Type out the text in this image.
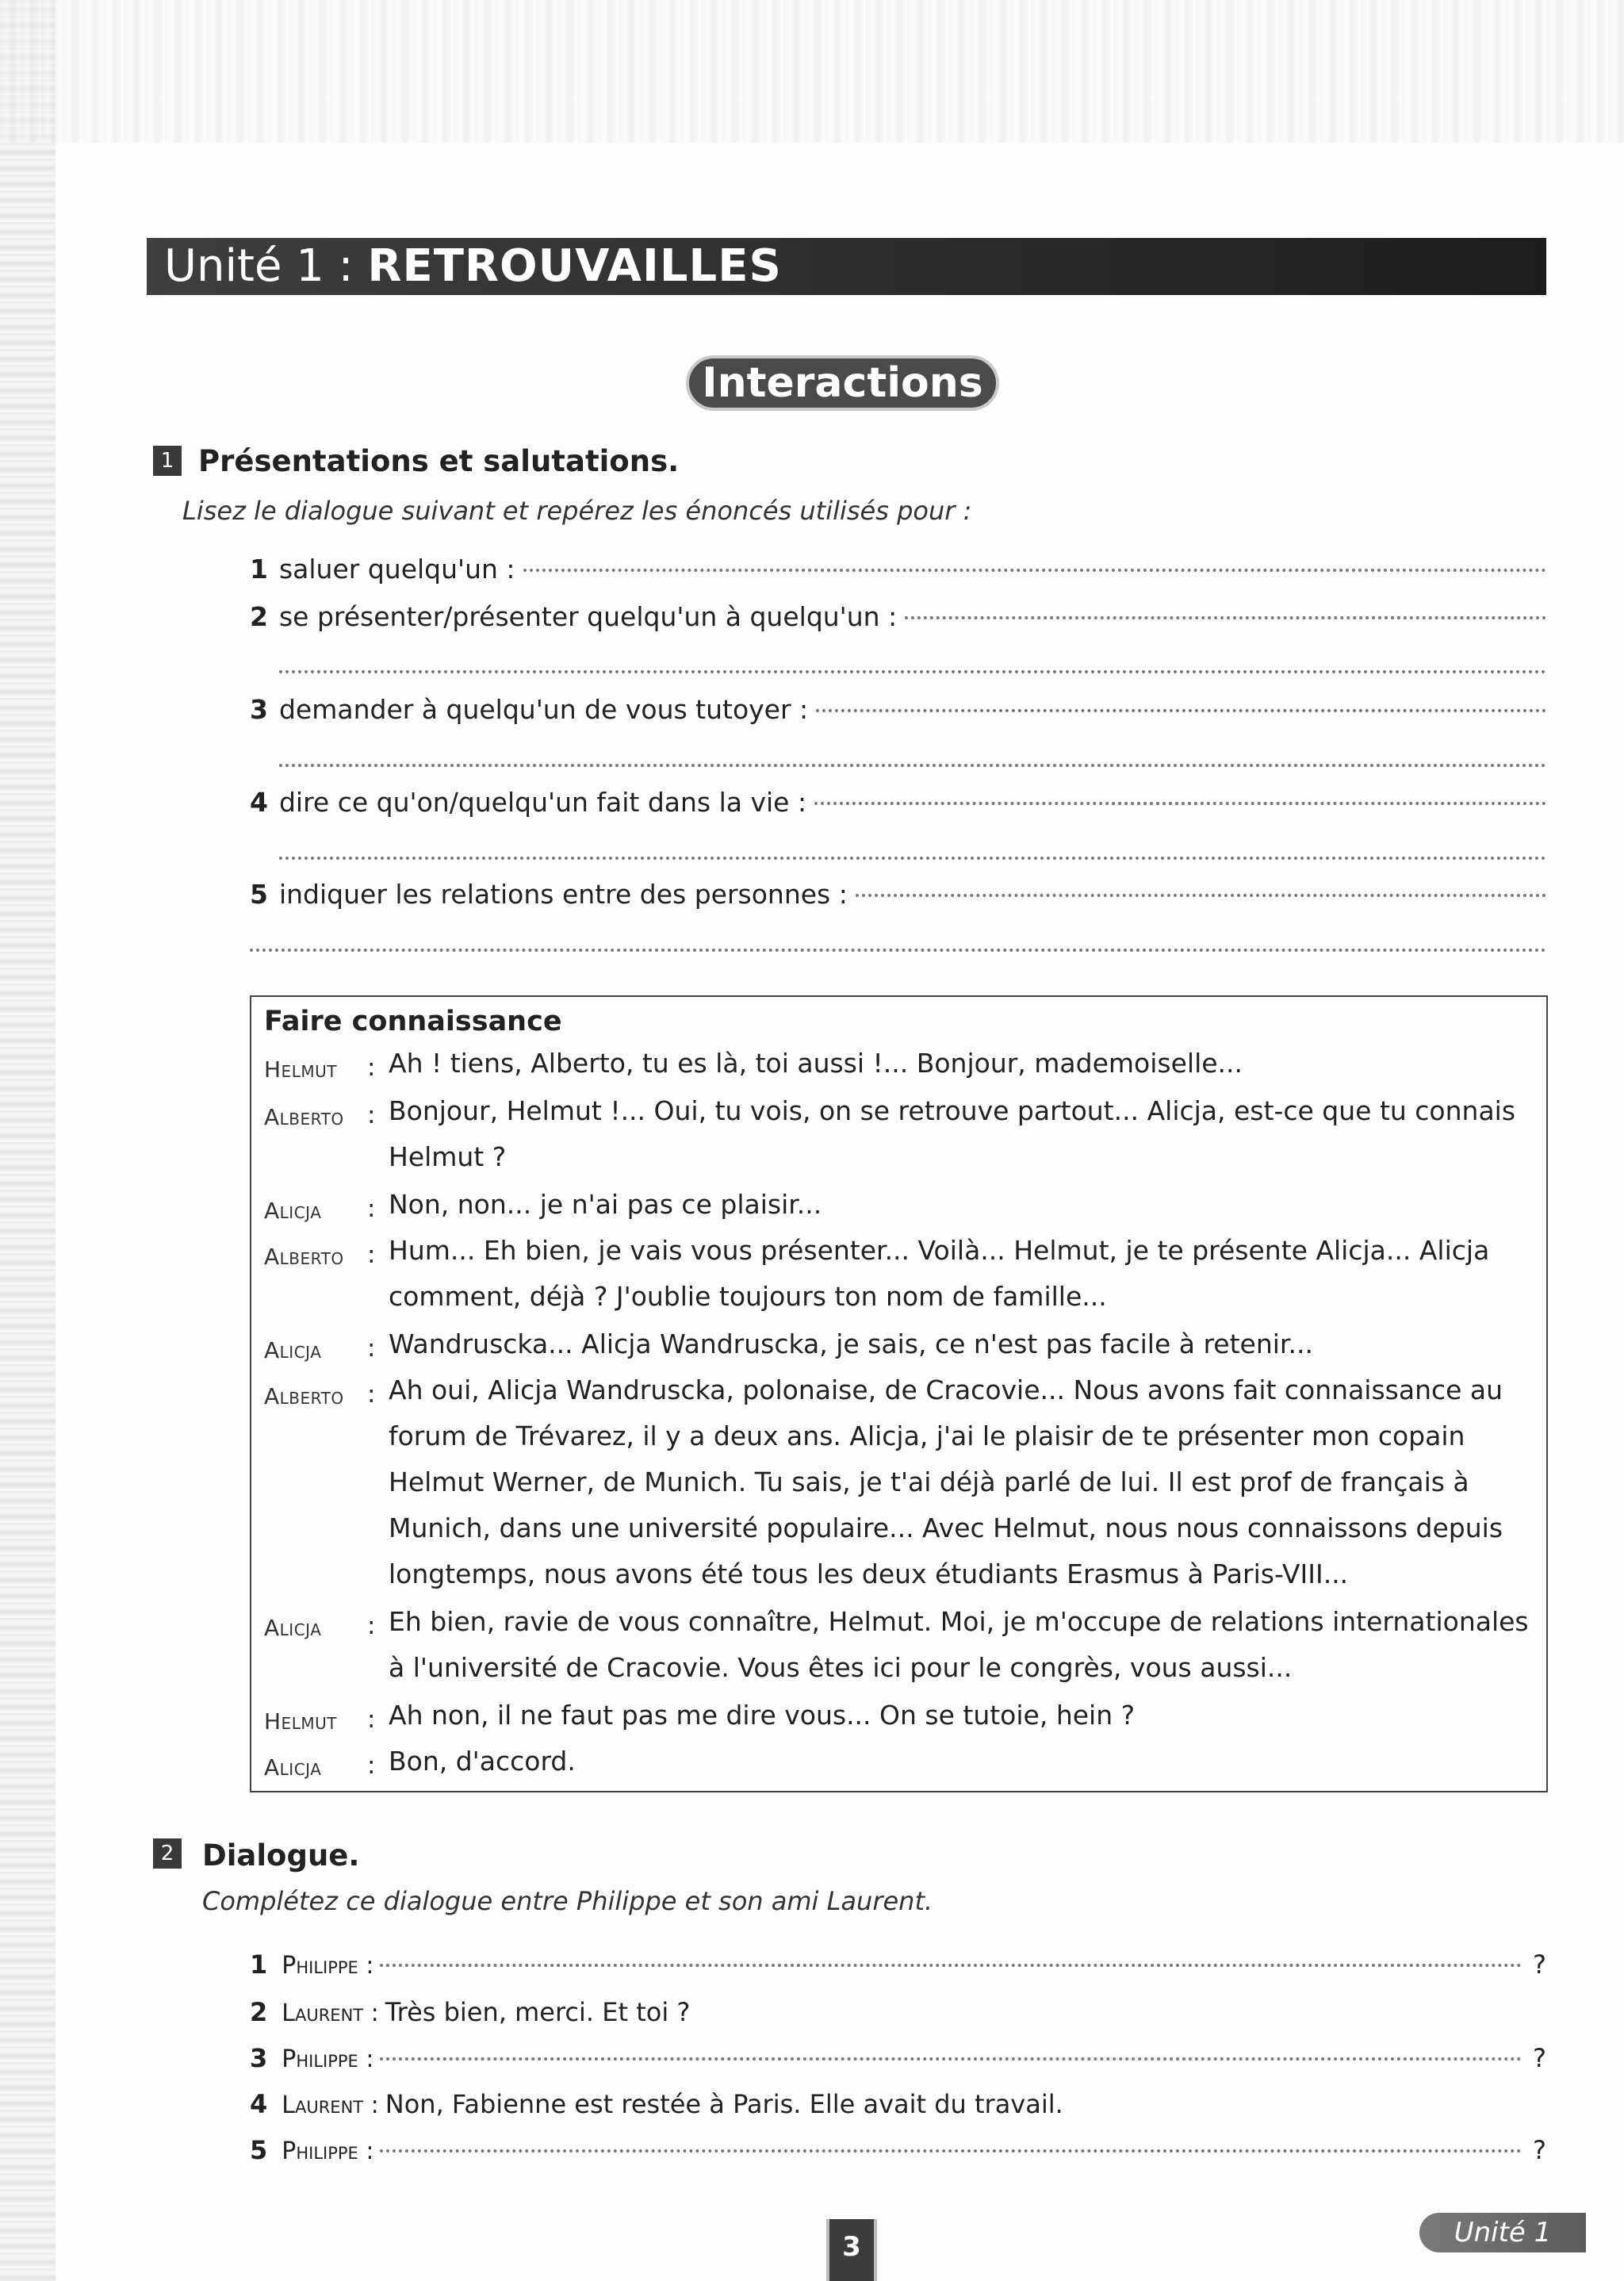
Unité 1 : RETROUVAILLES
Interactions
1 Présentations et salutations.
Lisez le dialogue suivant et repérez les énoncés utilisés pour :
1 saluer quelqu'un :
2 se présenter/présenter quelqu'un à quelqu'un :
3 demander à quelqu'un de vous tutoyer :
4 dire ce qu'on/quelqu'un fait dans la vie :
5 indiquer les relations entre des personnes :
Faire connaissance
Helmut : Ah ! tiens, Alberto, tu es là, toi aussi !... Bonjour, mademoiselle...
Alberto : Bonjour, Helmut !... Oui, tu vois, on se retrouve partout... Alicja, est-ce que tu connais Helmut ?
Alicja : Non, non... je n'ai pas ce plaisir...
Alberto : Hum... Eh bien, je vais vous présenter... Voilà... Helmut, je te présente Alicja... Alicja comment, déjà ? J'oublie toujours ton nom de famille...
Alicja : Wandruscka... Alicja Wandruscka, je sais, ce n'est pas facile à retenir...
Alberto : Ah oui, Alicja Wandruscka, polonaise, de Cracovie... Nous avons fait connaissance au forum de Trévarez, il y a deux ans. Alicja, j'ai le plaisir de te présenter mon copain Helmut Werner, de Munich. Tu sais, je t'ai déjà parlé de lui. Il est prof de français à Munich, dans une université populaire... Avec Helmut, nous nous connaissons depuis longtemps, nous avons été tous les deux étudiants Erasmus à Paris-VIII...
Alicja : Eh bien, ravie de vous connaître, Helmut. Moi, je m'occupe de relations internationales à l'université de Cracovie. Vous êtes ici pour le congrès, vous aussi...
Helmut : Ah non, il ne faut pas me dire vous... On se tutoie, hein ?
Alicja : Bon, d'accord.
2 Dialogue.
Complétez ce dialogue entre Philippe et son ami Laurent.
1 Philippe :	?
2 Laurent : Très bien, merci. Et toi ?
3 Philippe :	?
4 Laurent : Non, Fabienne est restée à Paris. Elle avait du travail.
5 Philippe :	?
3	Unité 1
